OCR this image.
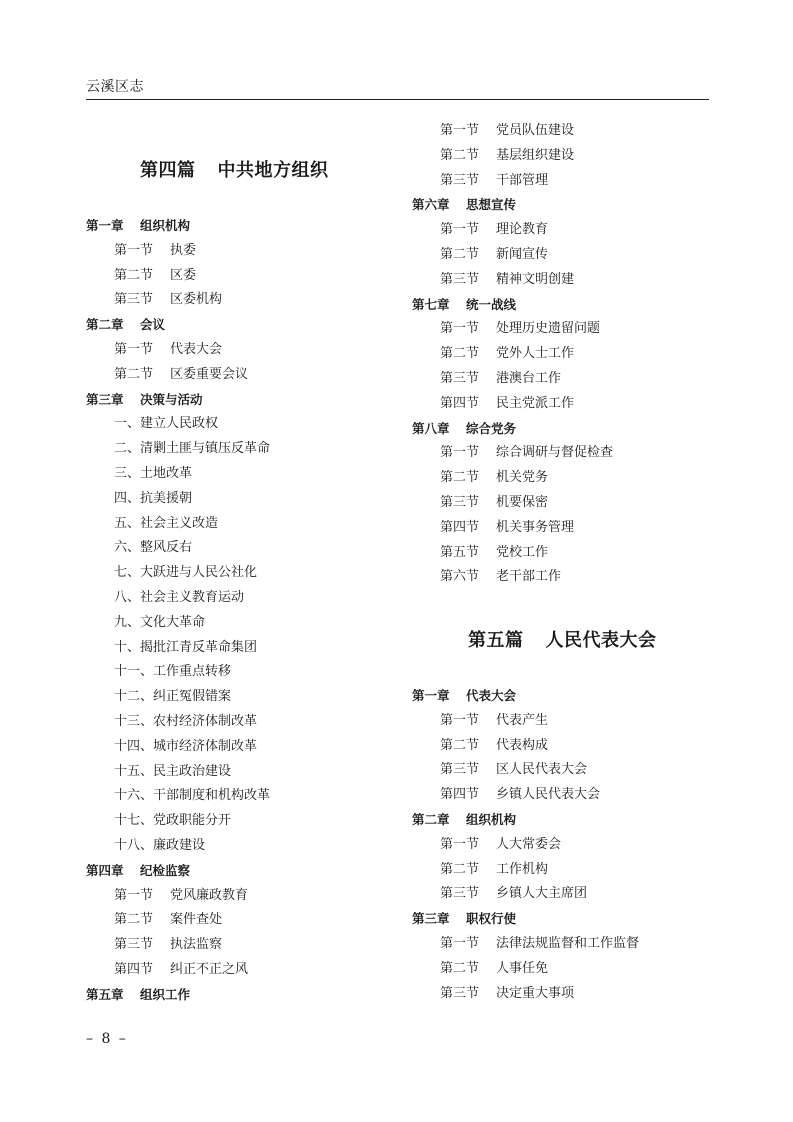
云溪区志
第四篇 中共地方组织
第一章 组织机构
第一节 执委
第二节 区委
第三节 区委机构
第二章 会议
第一节 代表大会
第二节 区委重要会议
第三章 决策与活动
一、建立人民政权
二、清剿土匪与镇压反革命
三、土地改革
四、抗美援朝
五、社会主义改造
六、整风反右
七、大跃进与人民公社化
八、社会主义教育运动
九、文化大革命
十、揭批江青反革命集团
十一、工作重点转移
十二、纠正冤假错案
十三、农村经济体制改革
十四、城市经济体制改革
十五、民主政治建设
十六、干部制度和机构改革
十七、党政职能分开
十八、廉政建设
第四章 纪检监察
第一节 党风廉政教育
第二节 案件查处
第三节 执法监察
第四节 纠正不正之风
第五章 组织工作
第一节 党员队伍建设
第二节 基层组织建设
第三节 干部管理
第六章 思想宣传
第一节 理论教育
第二节 新闻宣传
第三节 精神文明创建
第七章 统一战线
第一节 处理历史遗留问题
第二节 党外人士工作
第三节 港澳台工作
第四节 民主党派工作
第八章 综合党务
第一节 综合调研与督促检查
第二节 机关党务
第三节 机要保密
第四节 机关事务管理
第五节 党校工作
第六节 老干部工作
第五篇 人民代表大会
第一章 代表大会
第一节 代表产生
第二节 代表构成
第三节 区人民代表大会
第四节 乡镇人民代表大会
第二章 组织机构
第一节 人大常委会
第二节 工作机构
第三节 乡镇人大主席团
第三章 职权行使
第一节 法律法规监督和工作监督
第二节 人事任免
第三节 决定重大事项
– 8 –
